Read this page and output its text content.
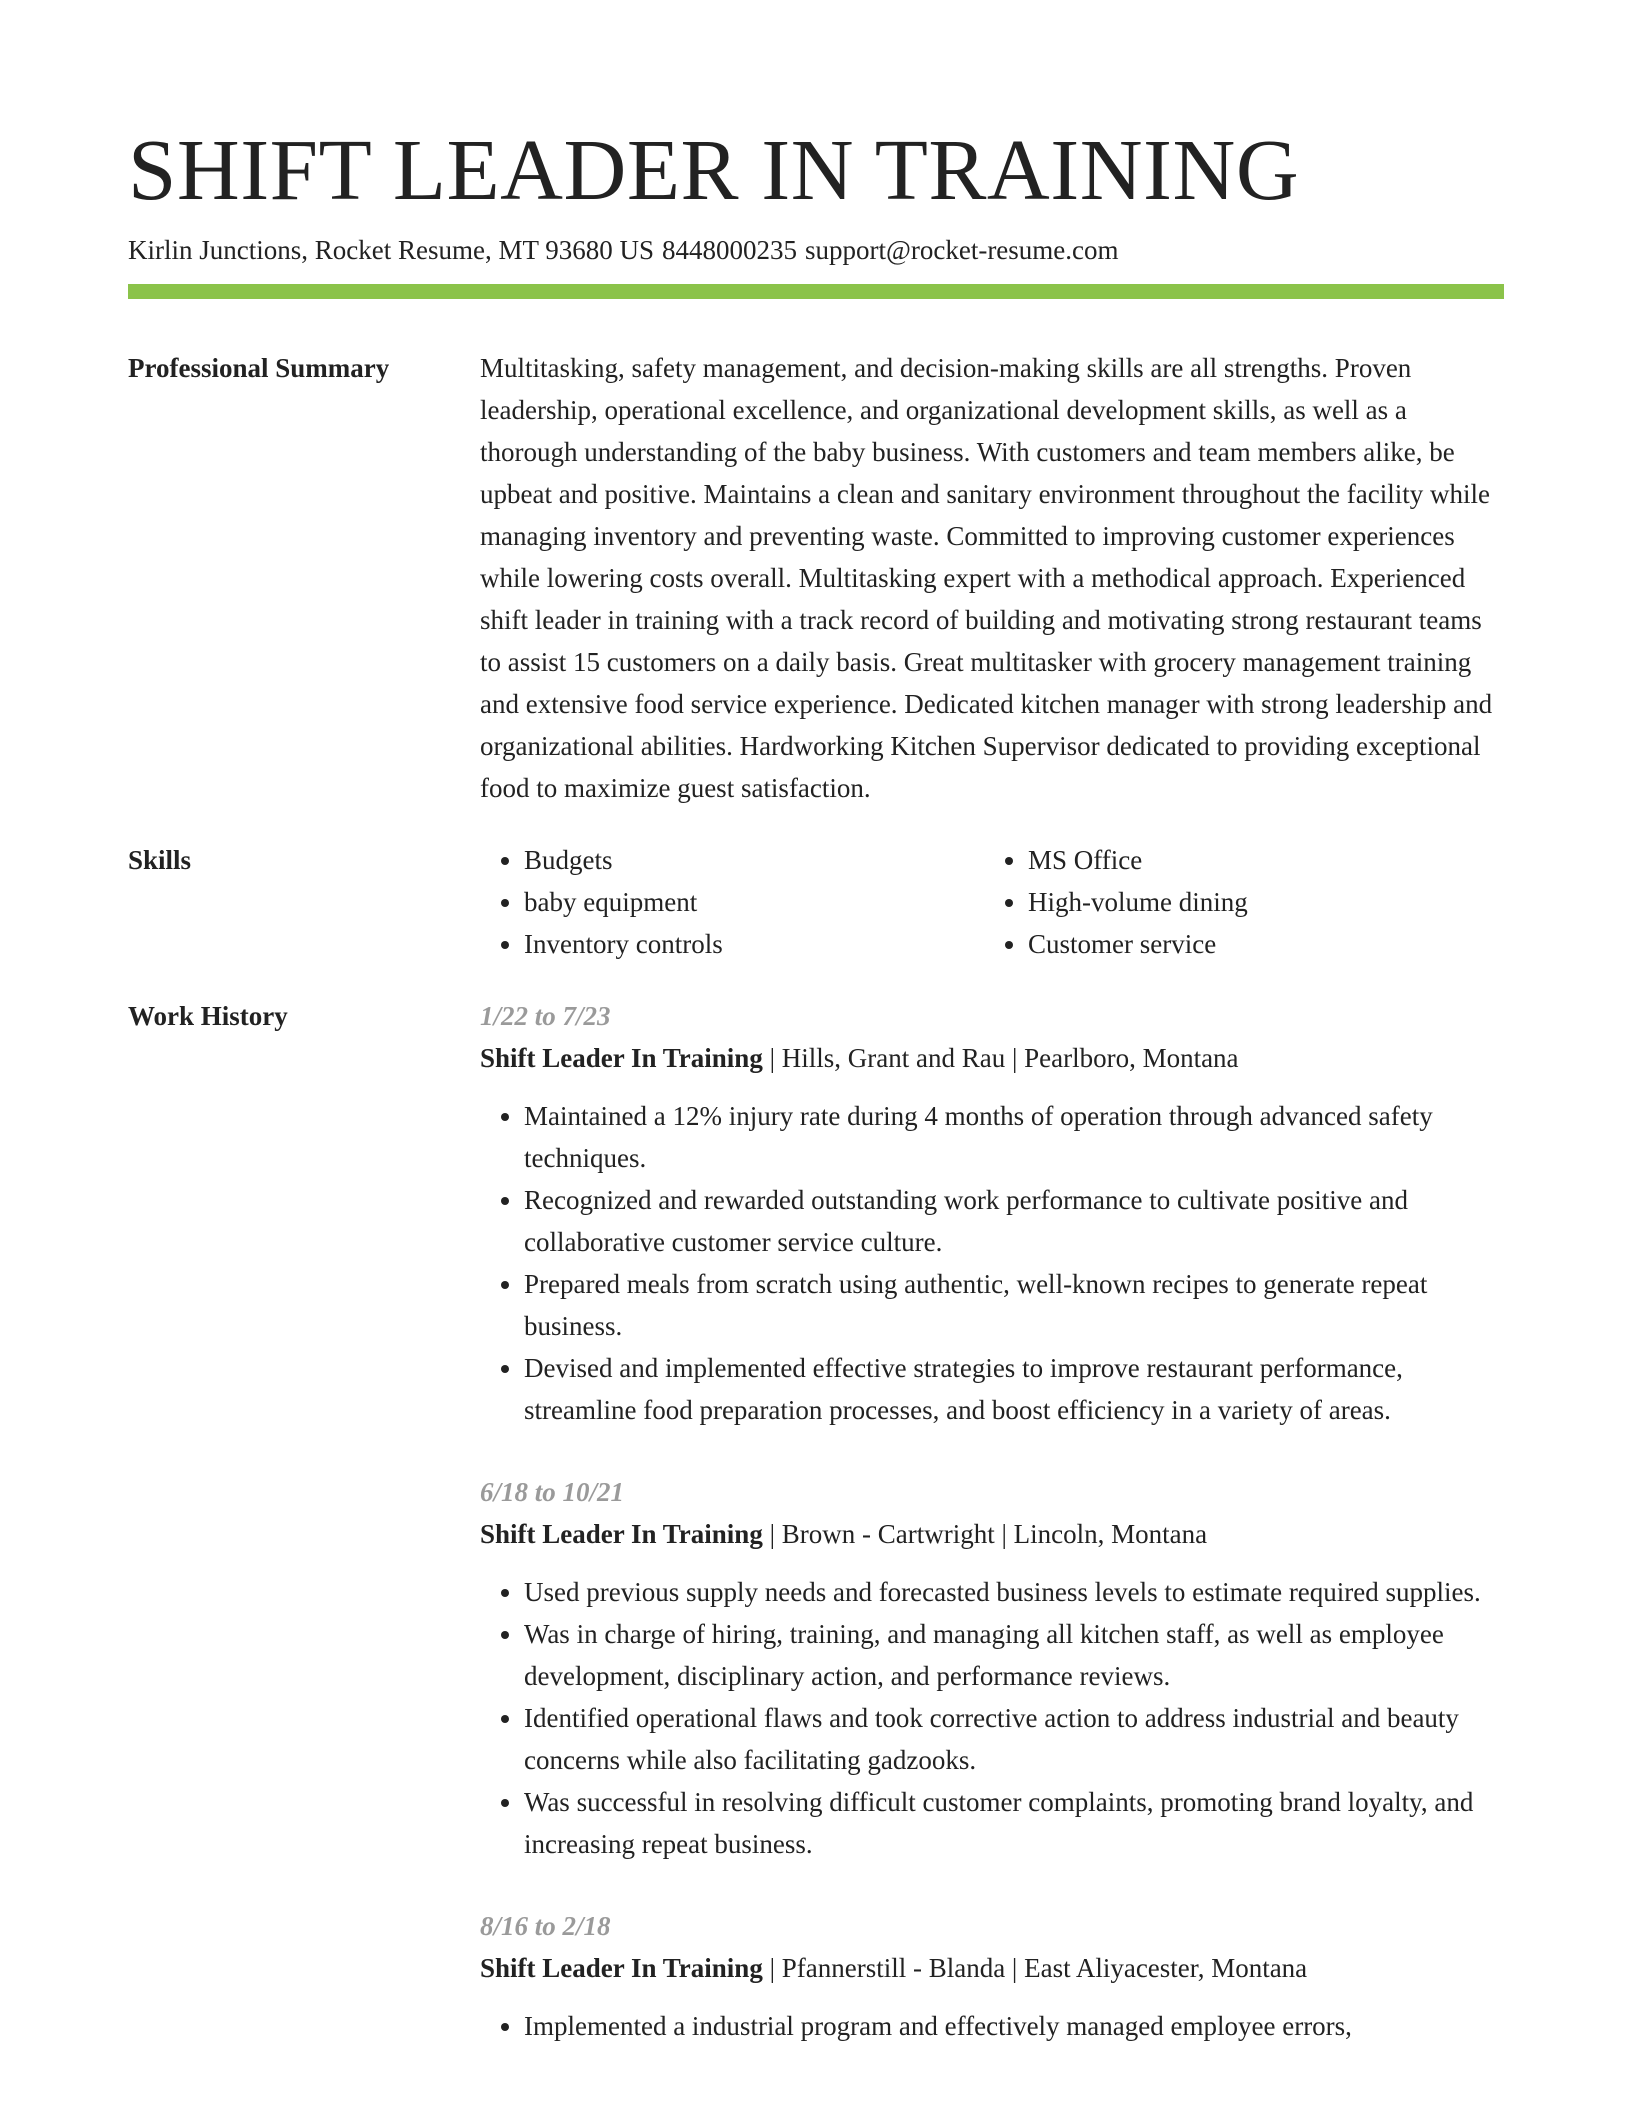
SHIFT LEADER IN TRAINING
Kirlin Junctions, Rocket Resume, MT 93680 US 8448000235 support@rocket-resume.com
Professional Summary	Multitasking, safety management, and decision-making skills are all strengths. Proven leadership, operational excellence, and organizational development skills, as well as a thorough understanding of the baby business. With customers and team members alike, be upbeat and positive. Maintains a clean and sanitary environment throughout the facility while managing inventory and preventing waste. Committed to improving customer experiences while lowering costs overall. Multitasking expert with a methodical approach. Experienced shift leader in training with a track record of building and motivating strong restaurant teams to assist 15 customers on a daily basis. Great multitasker with grocery management training and extensive food service experience. Dedicated kitchen manager with strong leadership and organizational abilities. Hardworking Kitchen Supervisor dedicated to providing exceptional food to maximize guest satisfaction.

Skills
•	Budgets
• baby equipment
• Inventory controls
• MS Office
• High-volume dining
• Customer service
Work History	1/22 to 7/23
Shift Leader In Training | Hills, Grant and Rau | Pearlboro, Montana
• Maintained a 12% injury rate during 4 months of operation through advanced safety techniques.
• Recognized and rewarded outstanding work performance to cultivate positive and collaborative customer service culture.
• Prepared meals from scratch using authentic, well-known recipes to generate repeat business.
• Devised and implemented effective strategies to improve restaurant performance, streamline food preparation processes, and boost efficiency in a variety of areas.
6/18 to 10/21
Shift Leader In Training | Brown - Cartwright | Lincoln, Montana
• Used previous supply needs and forecasted business levels to estimate required supplies.
• Was in charge of hiring, training, and managing all kitchen staff, as well as employee development, disciplinary action, and performance reviews.
• Identified operational flaws and took corrective action to address industrial and beauty concerns while also facilitating gadzooks.
• Was successful in resolving difficult customer complaints, promoting brand loyalty, and increasing repeat business.
8/16 to 2/18
Shift Leader In Training | Pfannerstill - Blanda | East Aliyacester, Montana
• Implemented a industrial program and effectively managed employee errors,
